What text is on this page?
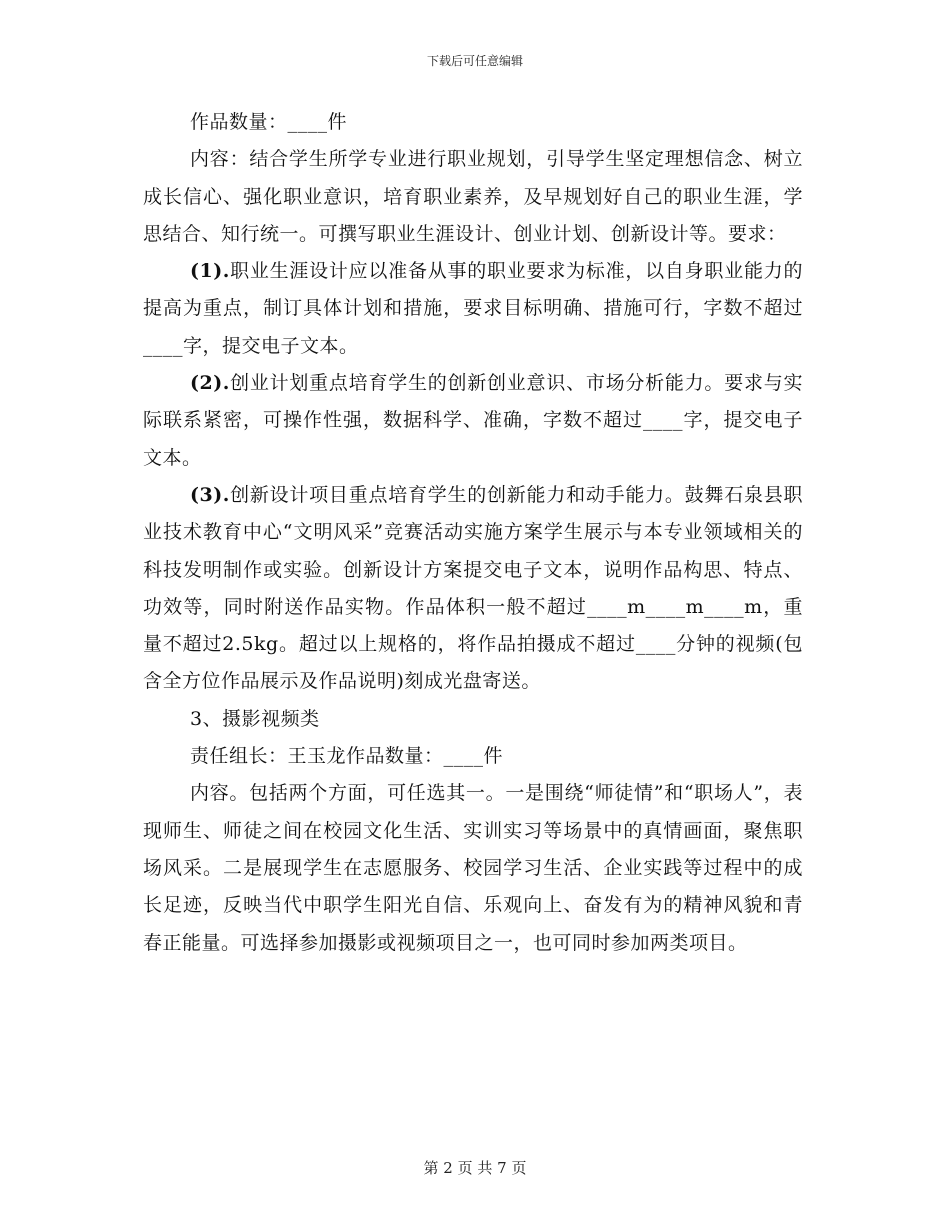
下载后可任意编辑

作品数量：____件

内容：结合学生所学专业进行职业规划，引导学生坚定理想信念、树立成长信心、强化职业意识，培育职业素养，及早规划好自己的职业生涯，学思结合、知行统一。可撰写职业生涯设计、创业计划、创新设计等。要求：

(1).职业生涯设计应以准备从事的职业要求为标准，以自身职业能力的提高为重点，制订具体计划和措施，要求目标明确、措施可行，字数不超过____字，提交电子文本。

(2).创业计划重点培育学生的创新创业意识、市场分析能力。要求与实际联系紧密，可操作性强，数据科学、准确，字数不超过____字，提交电子文本。

(3).创新设计项目重点培育学生的创新能力和动手能力。鼓舞石泉县职业技术教育中心“文明风采”竞赛活动实施方案学生展示与本专业领域相关的科技发明制作或实验。创新设计方案提交电子文本，说明作品构思、特点、功效等，同时附送作品实物。作品体积一般不超过____m____m____m，重量不超过2.5kg。超过以上规格的，将作品拍摄成不超过____分钟的视频(包含全方位作品展示及作品说明)刻成光盘寄送。

3、摄影视频类

责任组长：王玉龙作品数量：____件

内容。包括两个方面，可任选其一。一是围绕“师徒情”和“职场人”，表现师生、师徒之间在校园文化生活、实训实习等场景中的真情画面，聚焦职场风采。二是展现学生在志愿服务、校园学习生活、企业实践等过程中的成长足迹，反映当代中职学生阳光自信、乐观向上、奋发有为的精神风貌和青春正能量。可选择参加摄影或视频项目之一，也可同时参加两类项目。

第 2 页 共 7 页
